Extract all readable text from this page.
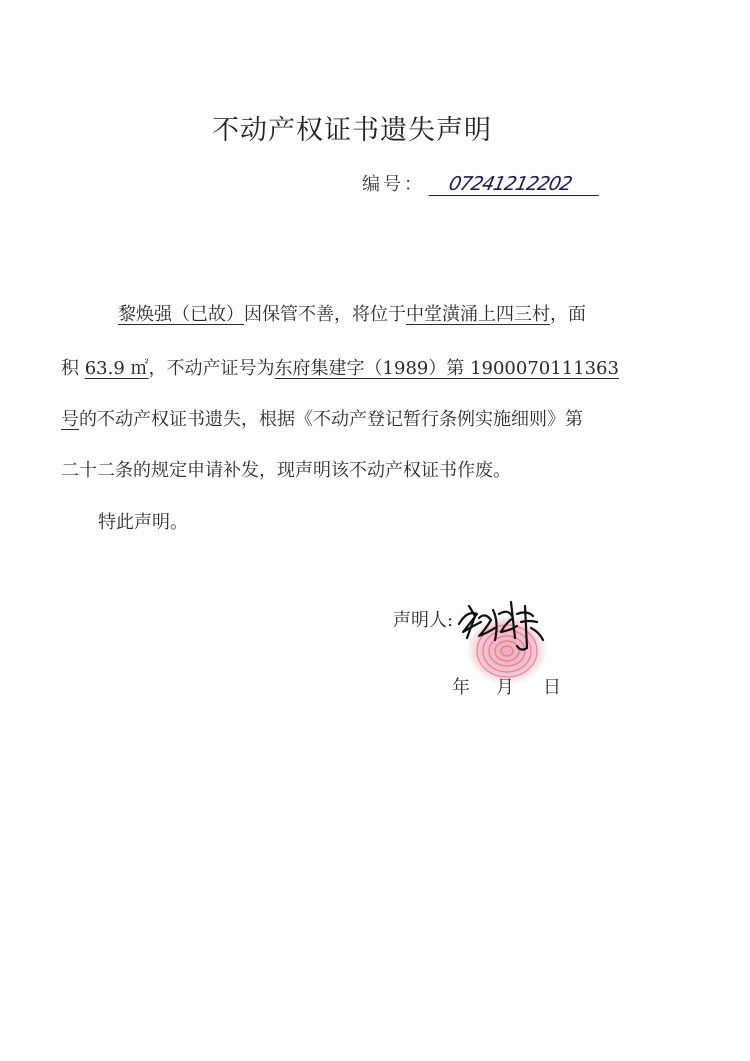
不动产权证书遗失声明
编号： 07241212202
黎焕强（已故）因保管不善，将位于中堂潢涌上四三村，面
积 63.9 ㎡，不动产证号为东府集建字（1989）第 1900070111363
号的不动产权证书遗失，根据《不动产登记暂行条例实施细则》第
二十二条的规定申请补发，现声明该不动产权证书作废。
特此声明。
声明人:
年 月 日
